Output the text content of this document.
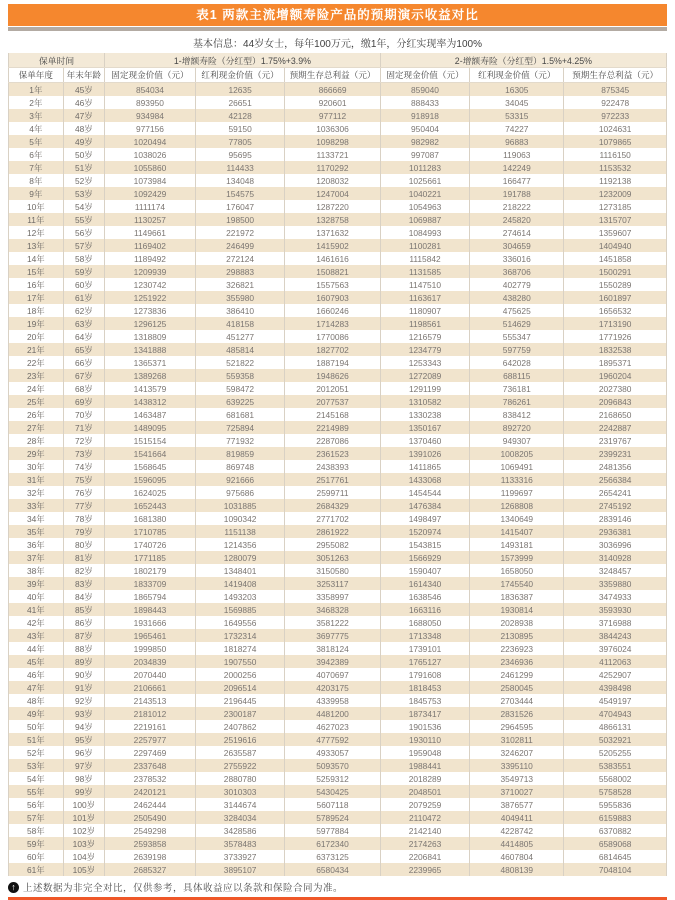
表1 两款主流增额寿险产品的预期演示收益对比
基本信息：44岁女士，每年100万元，缴1年，分红实现率为100%
保单时间		1-增额寿险（分红型）1.75%+3.9%			2-增额寿险（分红型）1.5%+4.25%		
保单年度	年末年龄	固定现金价值（元）	红利现金价值（元）	预期生存总利益（元）	固定现金价值（元）	红利现金价值（元）	预期生存总利益（元）
1年	45岁	854034	12635	866669	859040	16305	875345
2年	46岁	893950	26651	920601	888433	34045	922478
3年	47岁	934984	42128	977112	918918	53315	972233
4年	48岁	977156	59150	1036306	950404	74227	1024631
5年	49岁	1020494	77805	1098298	982982	96883	1079865
6年	50岁	1038026	95695	1133721	997087	119063	1116150
7年	51岁	1055860	114433	1170292	1011283	142249	1153532
8年	52岁	1073984	134048	1208032	1025661	166477	1192138
9年	53岁	1092429	154575	1247004	1040221	191788	1232009
10年	54岁	1111174	176047	1287220	1054963	218222	1273185
11年	55岁	1130257	198500	1328758	1069887	245820	1315707
12年	56岁	1149661	221972	1371632	1084993	274614	1359607
13年	57岁	1169402	246499	1415902	1100281	304659	1404940
14年	58岁	1189492	272124	1461616	1115842	336016	1451858
15年	59岁	1209939	298883	1508821	1131585	368706	1500291
16年	60岁	1230742	326821	1557563	1147510	402779	1550289
17年	61岁	1251922	355980	1607903	1163617	438280	1601897
18年	62岁	1273836	386410	1660246	1180907	475625	1656532
19年	63岁	1296125	418158	1714283	1198561	514629	1713190
20年	64岁	1318809	451277	1770086	1216579	555347	1771926
21年	65岁	1341888	485814	1827702	1234779	597759	1832538
22年	66岁	1365371	521822	1887194	1253343	642028	1895371
23年	67岁	1389268	559358	1948626	1272089	688115	1960204
24年	68岁	1413579	598472	2012051	1291199	736181	2027380
25年	69岁	1438312	639225	2077537	1310582	786261	2096843
26年	70岁	1463487	681681	2145168	1330238	838412	2168650
27年	71岁	1489095	725894	2214989	1350167	892720	2242887
28年	72岁	1515154	771932	2287086	1370460	949307	2319767
29年	73岁	1541664	819859	2361523	1391026	1008205	2399231
30年	74岁	1568645	869748	2438393	1411865	1069491	2481356
31年	75岁	1596095	921666	2517761	1433068	1133316	2566384
32年	76岁	1624025	975686	2599711	1454544	1199697	2654241
33年	77岁	1652443	1031885	2684329	1476384	1268808	2745192
34年	78岁	1681380	1090342	2771702	1498497	1340649	2839146
35年	79岁	1710785	1151138	2861922	1520974	1415407	2936381
36年	80岁	1740726	1214356	2955082	1543815	1493181	3036996
37年	81岁	1771185	1280079	3051263	1566929	1573999	3140928
38年	82岁	1802179	1348401	3150580	1590407	1658050	3248457
39年	83岁	1833709	1419408	3253117	1614340	1745540	3359880
40年	84岁	1865794	1493203	3358997	1638546	1836387	3474933
41年	85岁	1898443	1569885	3468328	1663116	1930814	3593930
42年	86岁	1931666	1649556	3581222	1688050	2028938	3716988
43年	87岁	1965461	1732314	3697775	1713348	2130895	3844243
44年	88岁	1999850	1818274	3818124	1739101	2236923	3976024
45年	89岁	2034839	1907550	3942389	1765127	2346936	4112063
46年	90岁	2070440	2000256	4070697	1791608	2461299	4252907
47年	91岁	2106661	2096514	4203175	1818453	2580045	4398498
48年	92岁	2143513	2196445	4339958	1845753	2703444	4549197
49年	93岁	2181012	2300187	4481200	1873417	2831526	4704943
50年	94岁	2219161	2407862	4627023	1901536	2964595	4866131
51年	95岁	2257977	2519616	4777592	1930110	3102811	5032921
52年	96岁	2297469	2635587	4933057	1959048	3246207	5205255
53年	97岁	2337648	2755922	5093570	1988441	3395110	5383551
54年	98岁	2378532	2880780	5259312	2018289	3549713	5568002
55年	99岁	2420121	3010303	5430425	2048501	3710027	5758528
56年	100岁	2462444	3144674	5607118	2079259	3876577	5955836
57年	101岁	2505490	3284034	5789524	2110472	4049411	6159883
58年	102岁	2549298	3428586	5977884	2142140	4228742	6370882
59年	103岁	2593858	3578483	6172340	2174263	4414805	6589068
60年	104岁	2639198	3733927	6373125	2206841	4607804	6814645
61年	105岁	2685327	3895107	6580434	2239965	4808139	7048104
↑ 上述数据为非完全对比，仅供参考，具体收益应以条款和保险合同为准。
